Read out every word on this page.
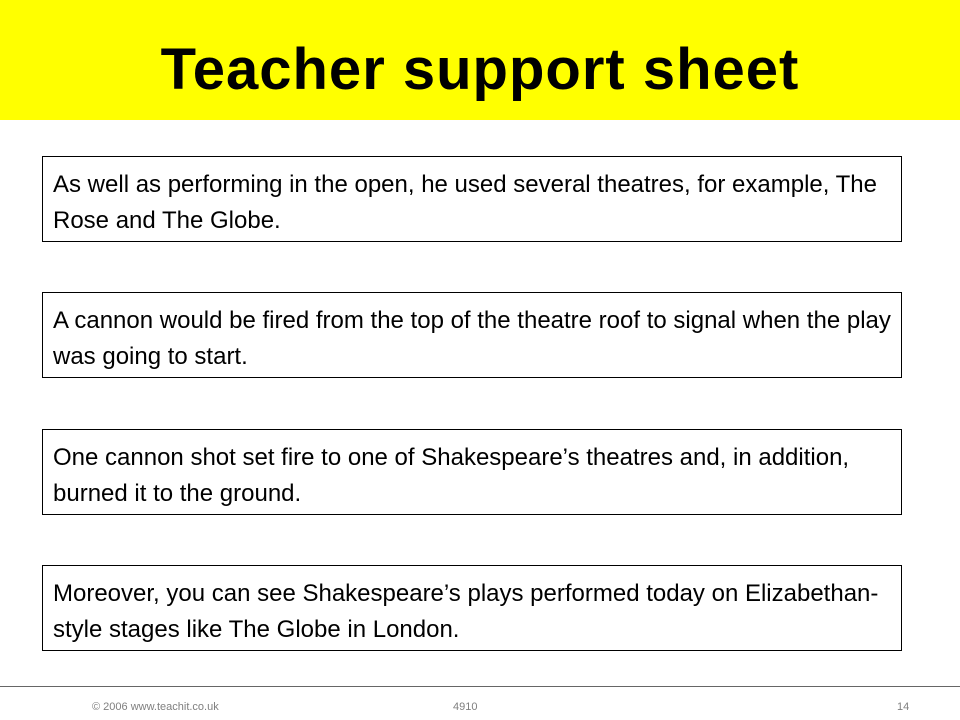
Teacher support sheet
As well as performing in the open, he used several theatres, for example, The Rose and The Globe.
A cannon would be fired from the top of the theatre roof to signal when the play was going to start.
One cannon shot set fire to one of Shakespeare’s theatres and, in addition, burned it to the ground.
Moreover, you can see Shakespeare’s plays performed today on Elizabethan-style stages like The Globe in London.
© 2006 www.teachit.co.uk	4910	14
